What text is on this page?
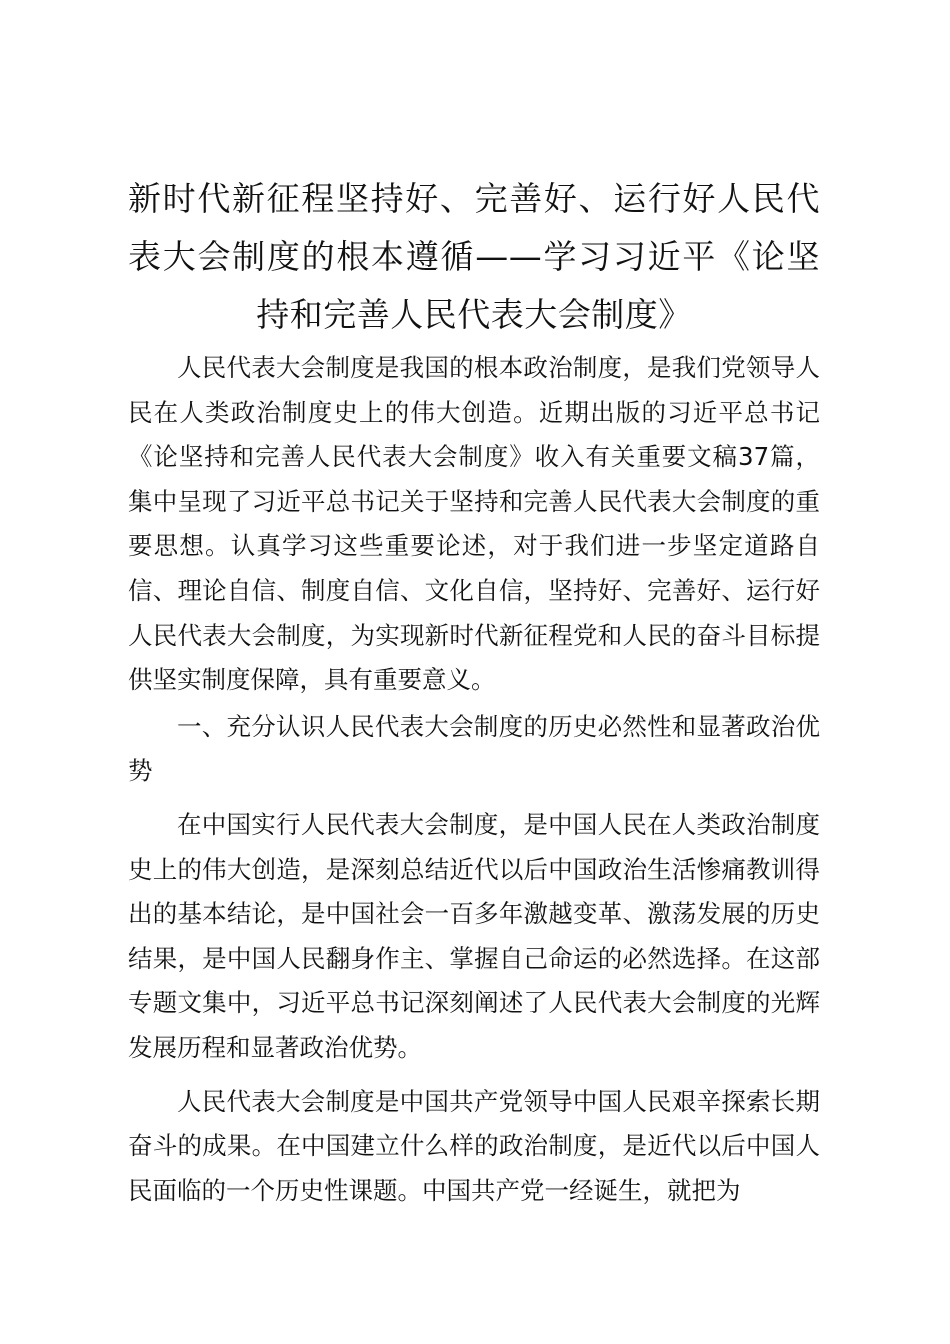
新时代新征程坚持好、完善好、运行好人民代表大会制度的根本遵循——学习习近平《论坚持和完善人民代表大会制度》

人民代表大会制度是我国的根本政治制度，是我们党领导人民在人类政治制度史上的伟大创造。近期出版的习近平总书记《论坚持和完善人民代表大会制度》收入有关重要文稿37篇，集中呈现了习近平总书记关于坚持和完善人民代表大会制度的重要思想。认真学习这些重要论述，对于我们进一步坚定道路自信、理论自信、制度自信、文化自信，坚持好、完善好、运行好人民代表大会制度，为实现新时代新征程党和人民的奋斗目标提供坚实制度保障，具有重要意义。

一、充分认识人民代表大会制度的历史必然性和显著政治优势

在中国实行人民代表大会制度，是中国人民在人类政治制度史上的伟大创造，是深刻总结近代以后中国政治生活惨痛教训得出的基本结论，是中国社会一百多年激越变革、激荡发展的历史结果，是中国人民翻身作主、掌握自己命运的必然选择。在这部专题文集中，习近平总书记深刻阐述了人民代表大会制度的光辉发展历程和显著政治优势。

人民代表大会制度是中国共产党领导中国人民艰辛探索长期奋斗的成果。在中国建立什么样的政治制度，是近代以后中国人民面临的一个历史性课题。中国共产党一经诞生，就把为
